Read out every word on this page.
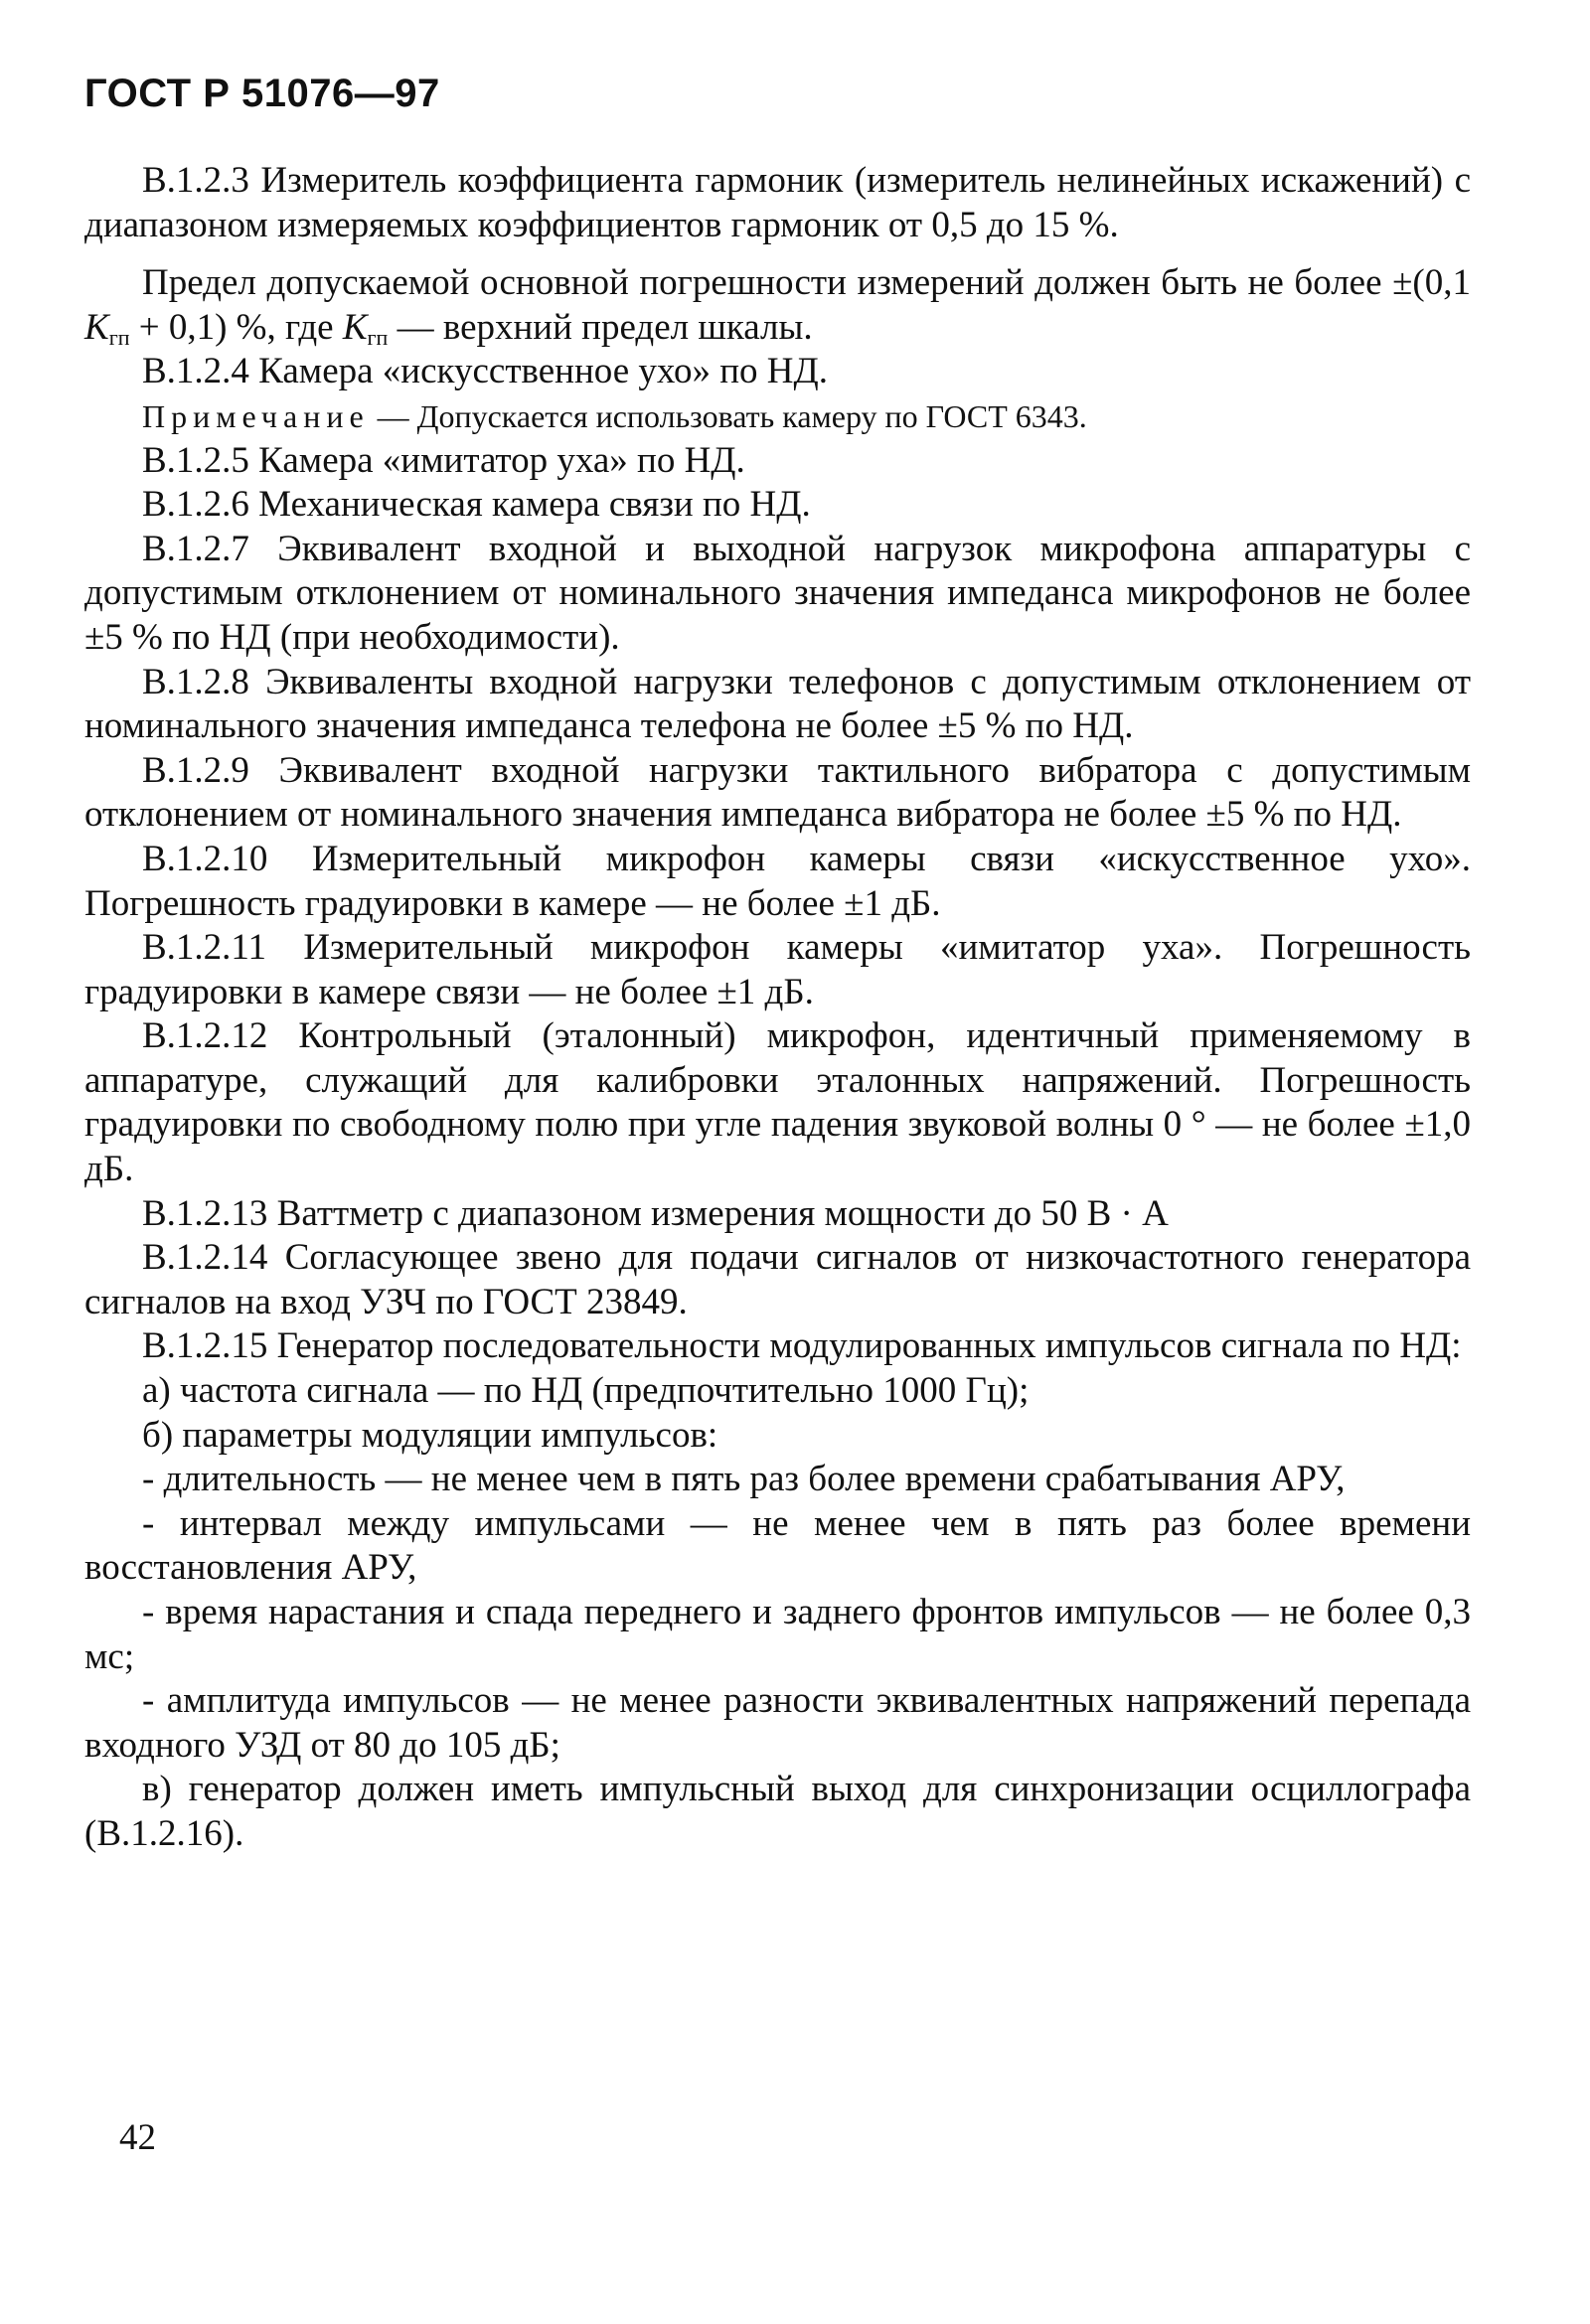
ГОСТ Р 51076—97

В.1.2.3 Измеритель коэффициента гармоник (измеритель нелинейных искажений) с диапазоном измеряемых коэффициентов гармоник от 0,5 до 15 %.

Предел допускаемой основной погрешности измерений должен быть не более ±(0,1 $K_{гп} + 0,1$) %, где $K_{гп}$ — верхний предел шкалы.

В.1.2.4 Камера «искусственное ухо» по НД.

Примечание — Допускается использовать камеру по ГОСТ 6343.

В.1.2.5 Камера «имитатор уха» по НД.

В.1.2.6 Механическая камера связи по НД.

В.1.2.7 Эквивалент входной и выходной нагрузок микрофона аппаратуры с допустимым отклонением от номинального значения импеданса микрофонов не более ±5 % по НД (при необходимости).

В.1.2.8 Эквиваленты входной нагрузки телефонов с допустимым отклонением от номинального значения импеданса телефона не более ±5 % по НД.

В.1.2.9 Эквивалент входной нагрузки тактильного вибратора с допустимым отклонением от номинального значения импеданса вибратора не более ±5 % по НД.

В.1.2.10 Измерительный микрофон камеры связи «искусственное ухо». Погрешность градуировки в камере — не более ±1 дБ.

В.1.2.11 Измерительный микрофон камеры «имитатор уха». Погрешность градуировки в камере связи — не более ±1 дБ.

В.1.2.12 Контрольный (эталонный) микрофон, идентичный применяемому в аппаратуре, служащий для калибровки эталонных напряжений. Погрешность градуировки по свободному полю при угле падения звуковой волны 0 ° — не более ±1,0 дБ.

В.1.2.13 Ваттметр с диапазоном измерения мощности до 50 В · А

В.1.2.14 Согласующее звено для подачи сигналов от низкочастотного генератора сигналов на вход УЗЧ по ГОСТ 23849.

В.1.2.15 Генератор последовательности модулированных импульсов сигнала по НД:

а) частота сигнала — по НД (предпочтительно 1000 Гц);

б) параметры модуляции импульсов:

- длительность — не менее чем в пять раз более времени срабатывания АРУ,

- интервал между импульсами — не менее чем в пять раз более времени восстановления АРУ,

- время нарастания и спада переднего и заднего фронтов импульсов — не более 0,3 мс;

- амплитуда импульсов — не менее разности эквивалентных напряжений перепада входного УЗД от 80 до 105 дБ;

в) генератор должен иметь импульсный выход для синхронизации осциллографа (В.1.2.16).

42
